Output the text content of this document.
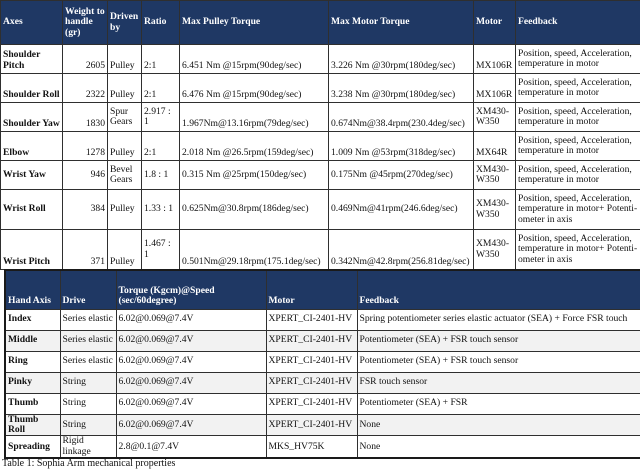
Axes	Weight to handle (gr)	Driven by	Ratio	Max Pulley Torque	Max Motor Torque	Motor	Feedback
Shoulder Pitch	2605	Pulley	2:1	6.451 Nm @15rpm(90deg/sec)	3.226 Nm @30rpm(180deg/sec)	MX106R	Position, speed, Acceleration, temperature in motor
Shoulder Roll	2322	Pulley	2:1	6.476 Nm @15rpm(90deg/sec)	3.238 Nm @30rpm(180deg/sec)	MX106R	Position, speed, Acceleration, temperature in motor
Shoulder Yaw	1830	Spur Gears	2.917 : 1	1.967Nm@13.16rpm(79deg/sec)	0.674Nm@38.4rpm(230.4deg/sec)	XM430-W350	Position, speed, Acceleration, temperature in motor
Elbow	1278	Pulley	2:1	2.018 Nm @26.5rpm(159deg/sec)	1.009 Nm @53rpm(318deg/sec)	MX64R	Position, speed, Acceleration, temperature in motor
Wrist Yaw	946	Bevel Gears	1.8 : 1	0.315 Nm @25rpm(150deg/sec)	0.175Nm @45rpm(270deg/sec)	XM430-W350	Position, speed, Acceleration, temperature in motor
Wrist Roll	384	Pulley	1.33 : 1	0.625Nm@30.8rpm(186deg/sec)	0.469Nm@41rpm(246.6deg/sec)	XM430-W350	Position, speed, Acceleration, temperature in motor+ Potenti-ometer in axis
Wrist Pitch	371	Pulley	1.467 : 1	0.501Nm@29.18rpm(175.1deg/sec)	0.342Nm@42.8rpm(256.81deg/sec)	XM430-W350	Position, speed, Acceleration, temperature in motor+ Potenti-ometer in axis
Hand Axis	Drive	Torque (Kgcm)@Speed (sec/60degree)	Motor	Feedback
Index	Series elastic	6.02@0.069@7.4V	XPERT_CI-2401-HV	Spring potentiometer series elastic actuator (SEA) + Force FSR touch
Middle	Series elastic	6.02@0.069@7.4V	XPERT_CI-2401-HV	Potentiometer (SEA) + FSR touch sensor
Ring	Series elastic	6.02@0.069@7.4V	XPERT_CI-2401-HV	Potentiometer (SEA) + FSR touch sensor
Pinky	String	6.02@0.069@7.4V	XPERT_CI-2401-HV	FSR touch sensor
Thumb	String	6.02@0.069@7.4V	XPERT_CI-2401-HV	Potentiometer (SEA) + FSR
Thumb Roll	String	6.02@0.069@7.4V	XPERT_CI-2401-HV	None
Spreading	Rigid linkage	2.8@0.1@7.4V	MKS_HV75K	None
Table 1: Sophia Arm mechanical properties
